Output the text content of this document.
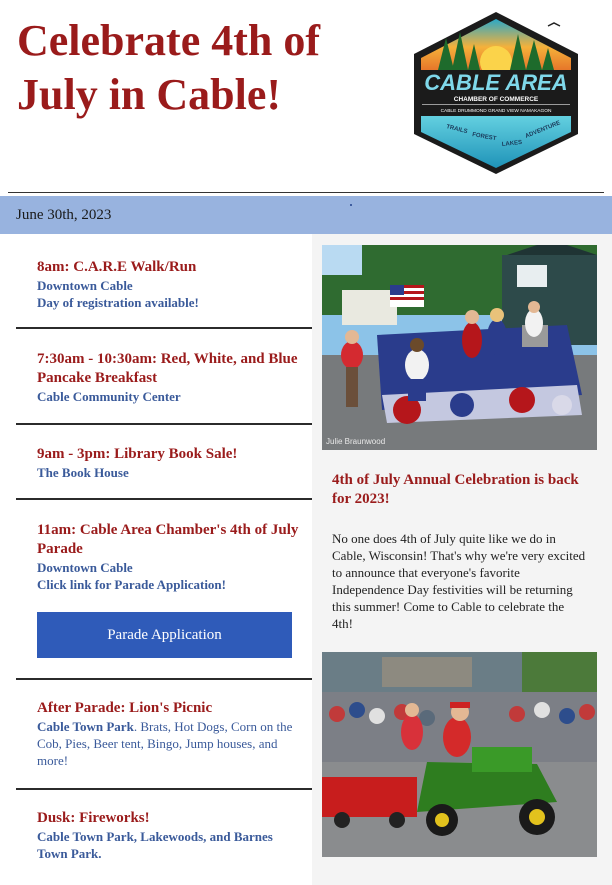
Celebrate 4th of July in Cable!	CABLE AREA
CHAMBER OF COMMERCE
CABLE DRUMMOND GRAND VIEW NAMAKAGON
TRAILS
FOREST
LAKES
ADVENTURE
June 30th, 2023
8am: C.A.R.E Walk/Run
Downtown Cable
Day of registration available!
7:30am - 10:30am: Red, White, and Blue Pancake Breakfast
Cable Community Center
9am - 3pm: Library Book Sale!
The Book House
11am: Cable Area Chamber's 4th of July Parade
Downtown Cable
Click link for Parade Application!
Parade Application
After Parade: Lion's Picnic
Cable Town Park. Brats, Hot Dogs, Corn on the Cob, Pies, Beer tent, Bingo, Jump houses, and more!
Dusk: Fireworks!
Cable Town Park, Lakewoods, and Barnes Town Park.
Julie Braunwood
4th of July Annual Celebration is back for 2023!
No one does 4th of July quite like we do in Cable, Wisconsin! That's why we're very excited to announce that everyone's favorite Independence Day festivities will be returning this summer! Come to Cable to celebrate the 4th!
